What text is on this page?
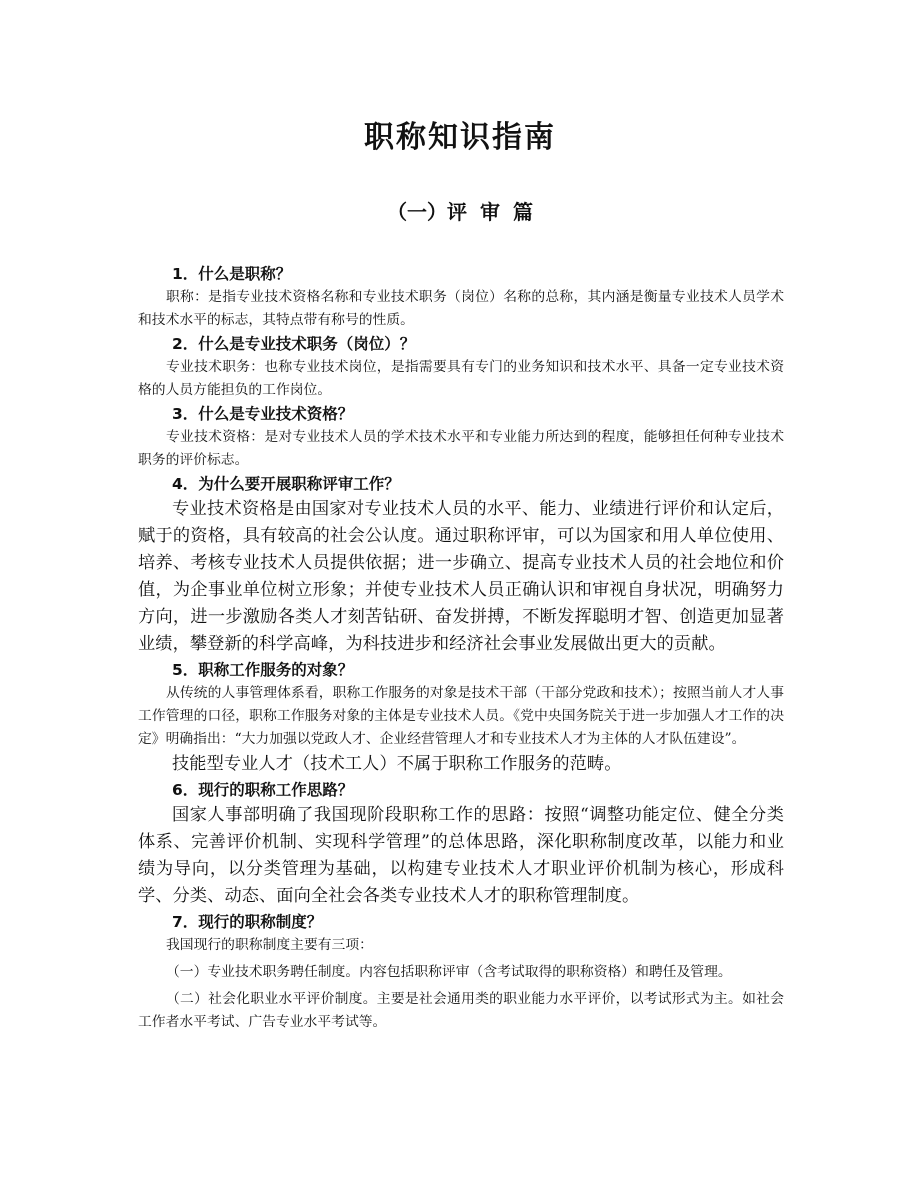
职称知识指南
（一）评 审 篇

1．什么是职称？

职称：是指专业技术资格名称和专业技术职务（岗位）名称的总称，其内涵是衡量专业技术人员学术和技术水平的标志，其特点带有称号的性质。

2．什么是专业技术职务（岗位）？

专业技术职务：也称专业技术岗位，是指需要具有专门的业务知识和技术水平、具备一定专业技术资格的人员方能担负的工作岗位。

3．什么是专业技术资格？

专业技术资格：是对专业技术人员的学术技术水平和专业能力所达到的程度，能够担任何种专业技术职务的评价标志。

4．为什么要开展职称评审工作？

专业技术资格是由国家对专业技术人员的水平、能力、业绩进行评价和认定后，赋于的资格，具有较高的社会公认度。通过职称评审，可以为国家和用人单位使用、培养、考核专业技术人员提供依据；进一步确立、提高专业技术人员的社会地位和价值，为企事业单位树立形象；并使专业技术人员正确认识和审视自身状况，明确努力方向，进一步激励各类人才刻苦钻研、奋发拼搏，不断发挥聪明才智、创造更加显著业绩，攀登新的科学高峰，为科技进步和经济社会事业发展做出更大的贡献。

5．职称工作服务的对象？

从传统的人事管理体系看，职称工作服务的对象是技术干部（干部分党政和技术）；按照当前人才人事工作管理的口径，职称工作服务对象的主体是专业技术人员。《党中央国务院关于进一步加强人才工作的决定》明确指出：“大力加强以党政人才、企业经营管理人才和专业技术人才为主体的人才队伍建设”。

技能型专业人才（技术工人）不属于职称工作服务的范畴。

6．现行的职称工作思路？

国家人事部明确了我国现阶段职称工作的思路：按照“调整功能定位、健全分类体系、完善评价机制、实现科学管理”的总体思路，深化职称制度改革，以能力和业绩为导向，以分类管理为基础，以构建专业技术人才职业评价机制为核心，形成科学、分类、动态、面向全社会各类专业技术人才的职称管理制度。

7．现行的职称制度？

我国现行的职称制度主要有三项：

（一）专业技术职务聘任制度。内容包括职称评审（含考试取得的职称资格）和聘任及管理。

（二）社会化职业水平评价制度。主要是社会通用类的职业能力水平评价，以考试形式为主。如社会工作者水平考试、广告专业水平考试等。
